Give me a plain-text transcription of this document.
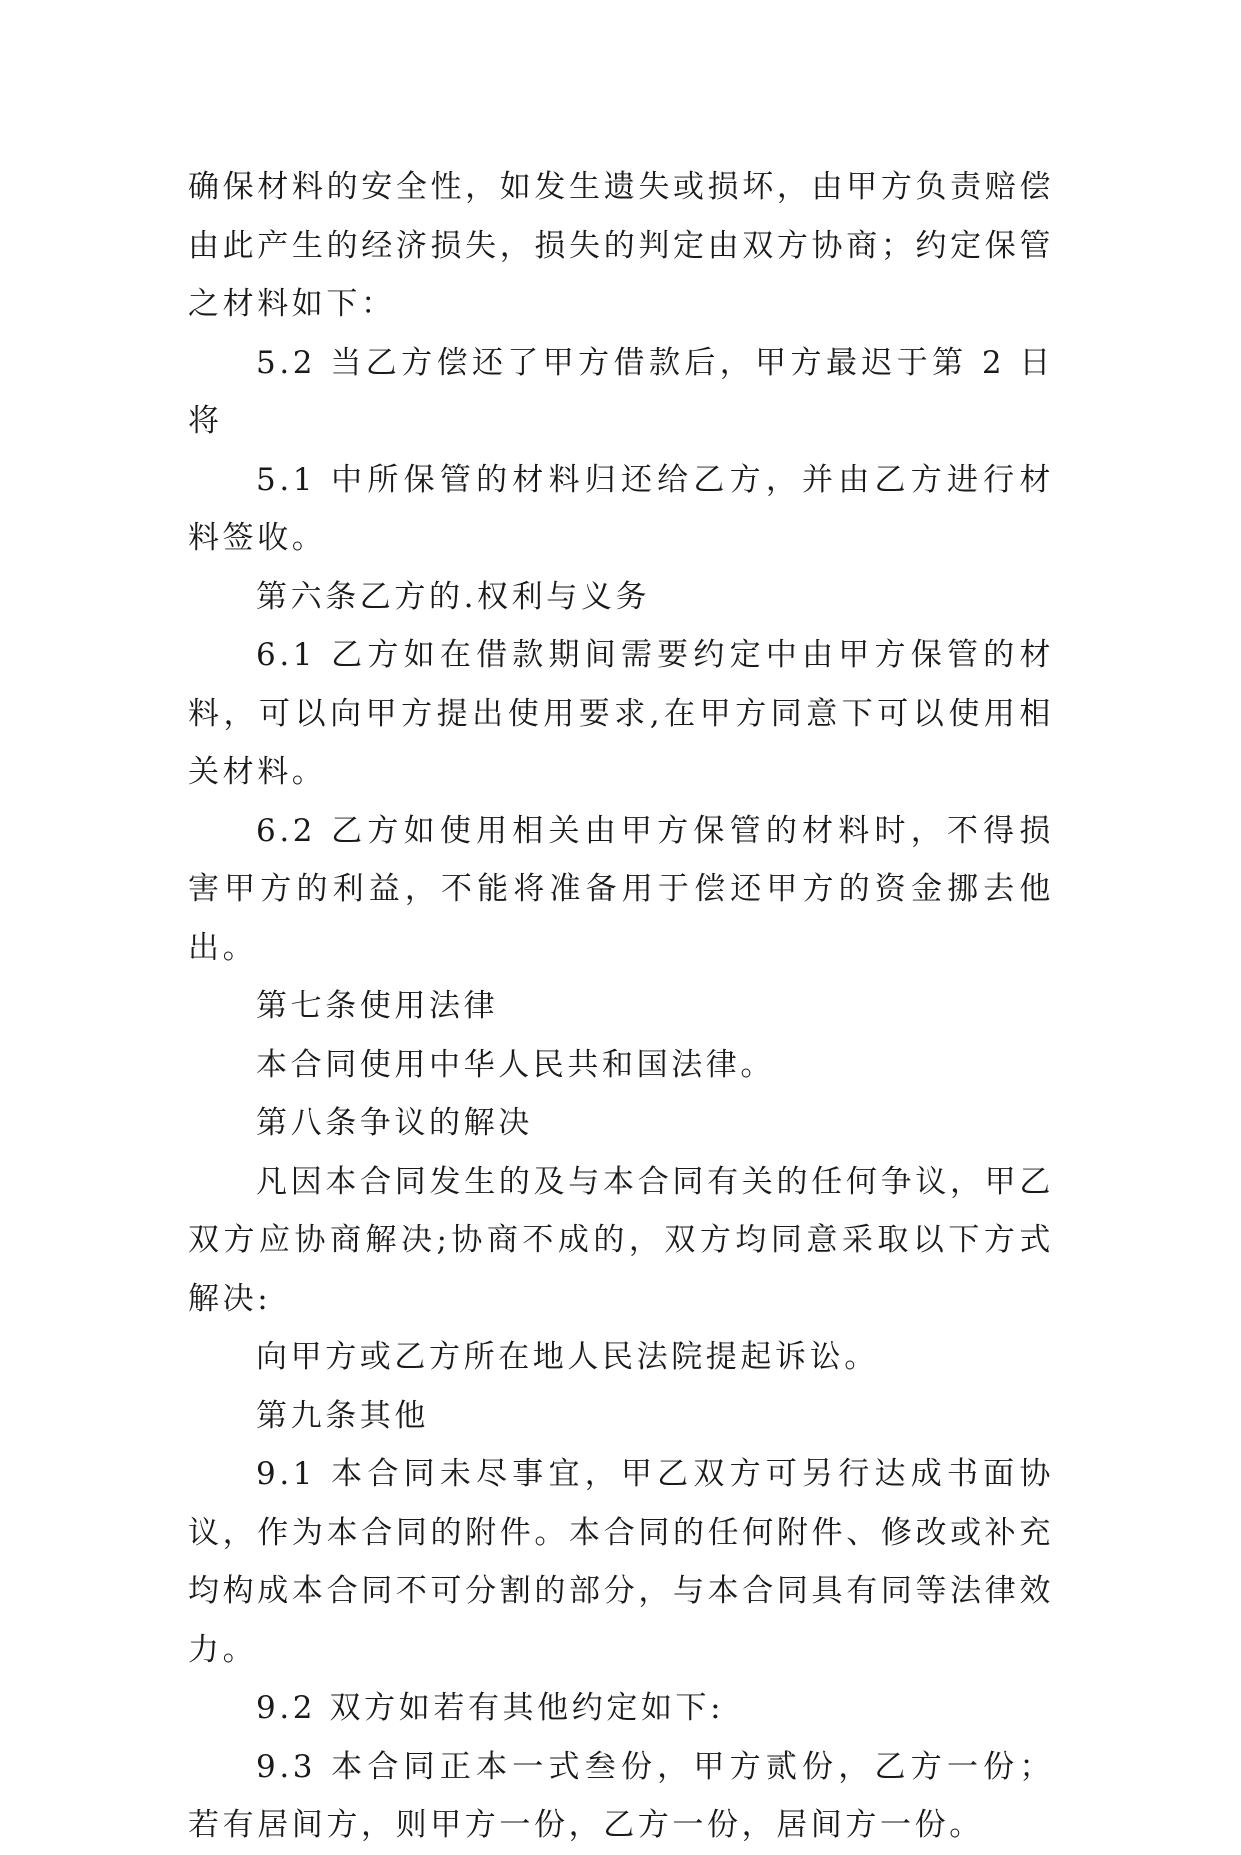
确保材料的安全性，如发生遗失或损坏，由甲方负责赔偿由此产生的经济损失，损失的判定由双方协商；约定保管之材料如下：

5.2 当乙方偿还了甲方借款后，甲方最迟于第 2 日将

5.1 中所保管的材料归还给乙方，并由乙方进行材料签收。

第六条乙方的.权利与义务

6.1 乙方如在借款期间需要约定中由甲方保管的材料，可以向甲方提出使用要求,在甲方同意下可以使用相关材料。

6.2 乙方如使用相关由甲方保管的材料时，不得损害甲方的利益，不能将准备用于偿还甲方的资金挪去他出。

第七条使用法律

本合同使用中华人民共和国法律。

第八条争议的解决

凡因本合同发生的及与本合同有关的任何争议，甲乙双方应协商解决;协商不成的，双方均同意采取以下方式解决:

向甲方或乙方所在地人民法院提起诉讼。

第九条其他

9.1 本合同未尽事宜，甲乙双方可另行达成书面协议，作为本合同的附件。本合同的任何附件、修改或补充均构成本合同不可分割的部分，与本合同具有同等法律效力。

9.2 双方如若有其他约定如下:

9.3 本合同正本一式叁份，甲方贰份，乙方一份；若有居间方，则甲方一份，乙方一份，居间方一份。
